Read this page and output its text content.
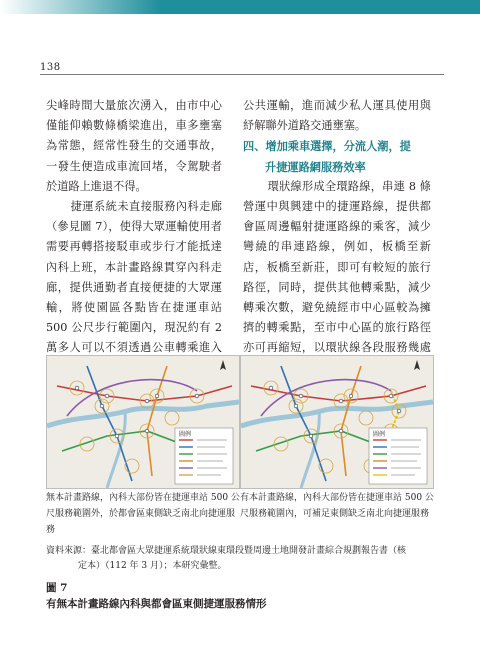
138

尖峰時間大量旅次湧入，由市中心僅能仰賴數條橋梁進出，車多壅塞為常態，經常性發生的交通事故，一發生便造成車流回堵，令駕駛者於道路上進退不得。

捷運系統未直接服務內科走廊（參見圖 7），使得大眾運輸使用者需要再轉搭接駁車或步行才能抵達內科上班，本計畫路線貫穿內科走廊，提供通勤者直接便捷的大眾運輸，將使園區各點皆在捷運車站 500 公尺步行範圍內，現況約有 2 萬多人可以不須透過公車轉乘進入

公共運輸，進而減少私人運具使用與紓解聯外道路交通壅塞。

四、增加乘車選擇，分流人潮，提
升捷運路網服務效率

環狀線形成全環路線，串連 8 條營運中與興建中的捷運路線，提供都會區周邊輻射捷運路線的乘客，減少彎繞的串連路線，例如，板橋至新店，板橋至新莊，即可有較短的旅行路徑，同時，提供其他轉乘點，減少轉乘次數，避免繞經市中心區較為擁擠的轉乘點，至市中心區的旅行路徑亦可再縮短，以環狀線各段服務幾處

圖例	圖例
無本計畫路線，內科大部份皆在捷運車站 500 公尺服務範圍外，於都會區東側缺乏南北向捷運服務
有本計畫路線，內科大部份皆在捷運車站 500 公尺服務範圍內，可補足東側缺乏南北向捷運服務
資料來源：臺北都會區大眾捷運系統環狀線東環段暨周邊土地開發計畫綜合規劃報告書（核
定本）（112 年 3 月）；本研究彙整。
圖 7
有無本計畫路線內科與都會區東側捷運服務情形
